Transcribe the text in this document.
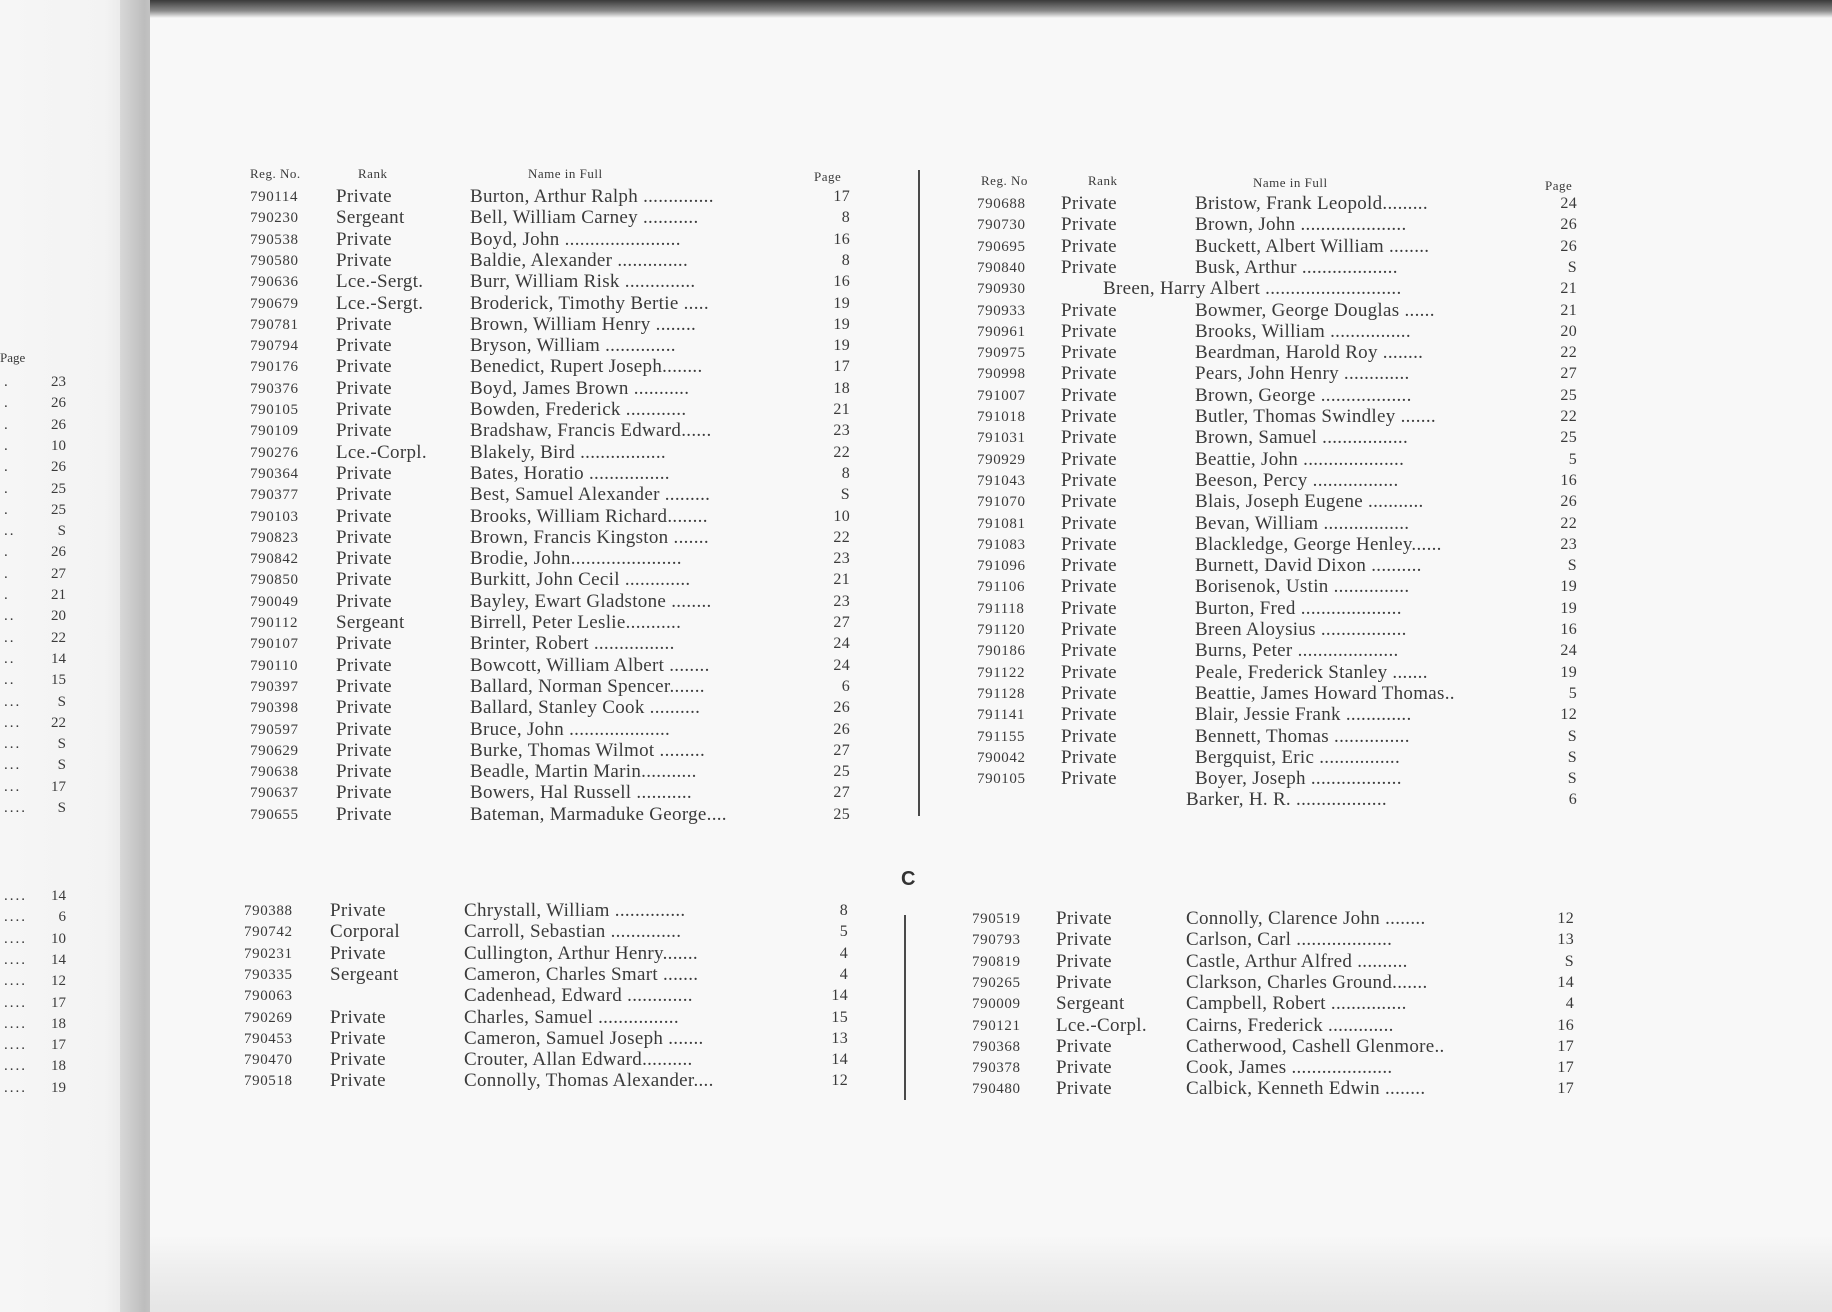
Page
.	23
.	26
.	26
.	10
.	26
.	25
.	25
..	S
.	26
.	27
.	21
.. 20
.. 22
.. 14
.. 15
... S
... 22
... S
... S
... 17
.... S
.... 14
.... 6
.... 10
.... 14
.... 12
.... 17
.... 18
.... 17
.... 18
.... 19
Reg. No.	Rank	Name in Full	Page
790114 Private	Burton, Arthur Ralph ..............	17
790230 Sergeant	Bell, William Carney ...........	8
790538 Private	Boyd, John .......................	16
790580 Private	Baldie, Alexander ..............	8
790636 Lce.-Sergt. Burr, William Risk ..............	16
790679 Lce.-Sergt. Broderick, Timothy Bertie .....	19
790781 Private	Brown, William Henry ........	19
790794 Private	Bryson, William ..............	19
790176 Private	Benedict, Rupert Joseph........	17
790376 Private	Boyd, James Brown ...........	18
790105 Private	Bowden, Frederick ............	21
790109 Private	Bradshaw, Francis Edward......	23
790276 Lce.-Corpl. Blakely, Bird .................	22
790364 Private	Bates, Horatio ................	8
790377 Private	Best, Samuel Alexander .........	S
790103 Private	Brooks, William Richard........	10
790823 Private	Brown, Francis Kingston .......	22
790842 Private	Brodie, John......................	23
790850 Private	Burkitt, John Cecil .............	21
790049 Private	Bayley, Ewart Gladstone ........	23
790112 Sergeant	Birrell, Peter Leslie...........	27
790107 Private	Brinter, Robert ................	24
790110 Private	Bowcott, William Albert ........	24
790397 Private	Ballard, Norman Spencer.......	6
790398 Private	Ballard, Stanley Cook ..........	26
790597 Private	Bruce, John ....................	26
790629 Private	Burke, Thomas Wilmot .........	27
790638 Private	Beadle, Martin Marin...........	25
790637 Private	Bowers, Hal Russell ...........	27
790655 Private	Bateman, Marmaduke George....	25
Reg. No	Rank	Name in Full	Page
790688 Private	Bristow, Frank Leopold.........	24
790730 Private	Brown, John .....................	26
790695 Private	Buckett, Albert William ........	26
790840 Private	Busk, Arthur ...................	S
790930	Breen, Harry Albert ...........................	21
790933 Private	Bowmer, George Douglas ......	21
790961 Private	Brooks, William ................	20
790975 Private	Beardman, Harold Roy ........	22
790998 Private	Pears, John Henry .............	27
791007 Private	Brown, George ..................	25
791018 Private	Butler, Thomas Swindley .......	22
791031 Private	Brown, Samuel .................	25
790929 Private	Beattie, John ....................	5
791043 Private	Beeson, Percy .................	16
791070 Private	Blais, Joseph Eugene ...........	26
791081 Private	Bevan, William .................	22
791083 Private	Blackledge, George Henley......	23
791096 Private	Burnett, David Dixon ..........	S
791106 Private	Borisenok, Ustin ...............	19
791118 Private	Burton, Fred ....................	19
791120 Private	Breen Aloysius .................	16
790186 Private	Burns, Peter ....................	24
791122 Private	Peale, Frederick Stanley .......	19
791128 Private	Beattie, James Howard Thomas..	5
791141 Private	Blair, Jessie Frank .............	12
791155 Private	Bennett, Thomas ...............	S
790042 Private	Bergquist, Eric ................	S
790105 Private	Boyer, Joseph ..................	S
Barker, H. R. ..................	6
C
790388 Private	Chrystall, William ..............	8
790742 Corporal	Carroll, Sebastian ..............	5
790231 Private	Cullington, Arthur Henry.......	4
790335 Sergeant	Cameron, Charles Smart .......	4
790063	Cadenhead, Edward .............	14
790269 Private	Charles, Samuel ................	15
790453 Private	Cameron, Samuel Joseph .......	13
790470 Private	Crouter, Allan Edward..........	14
790518 Private	Connolly, Thomas Alexander....	12
790519 Private	Connolly, Clarence John ........	12
790793 Private	Carlson, Carl ...................	13
790819 Private	Castle, Arthur Alfred ..........	S
790265 Private	Clarkson, Charles Ground.......	14
790009 Sergeant	Campbell, Robert ...............	4
790121 Lce.-Corpl. Cairns, Frederick .............	16
790368 Private	Catherwood, Cashell Glenmore..	17
790378 Private	Cook, James ....................	17
790480 Private	Calbick, Kenneth Edwin ........	17
